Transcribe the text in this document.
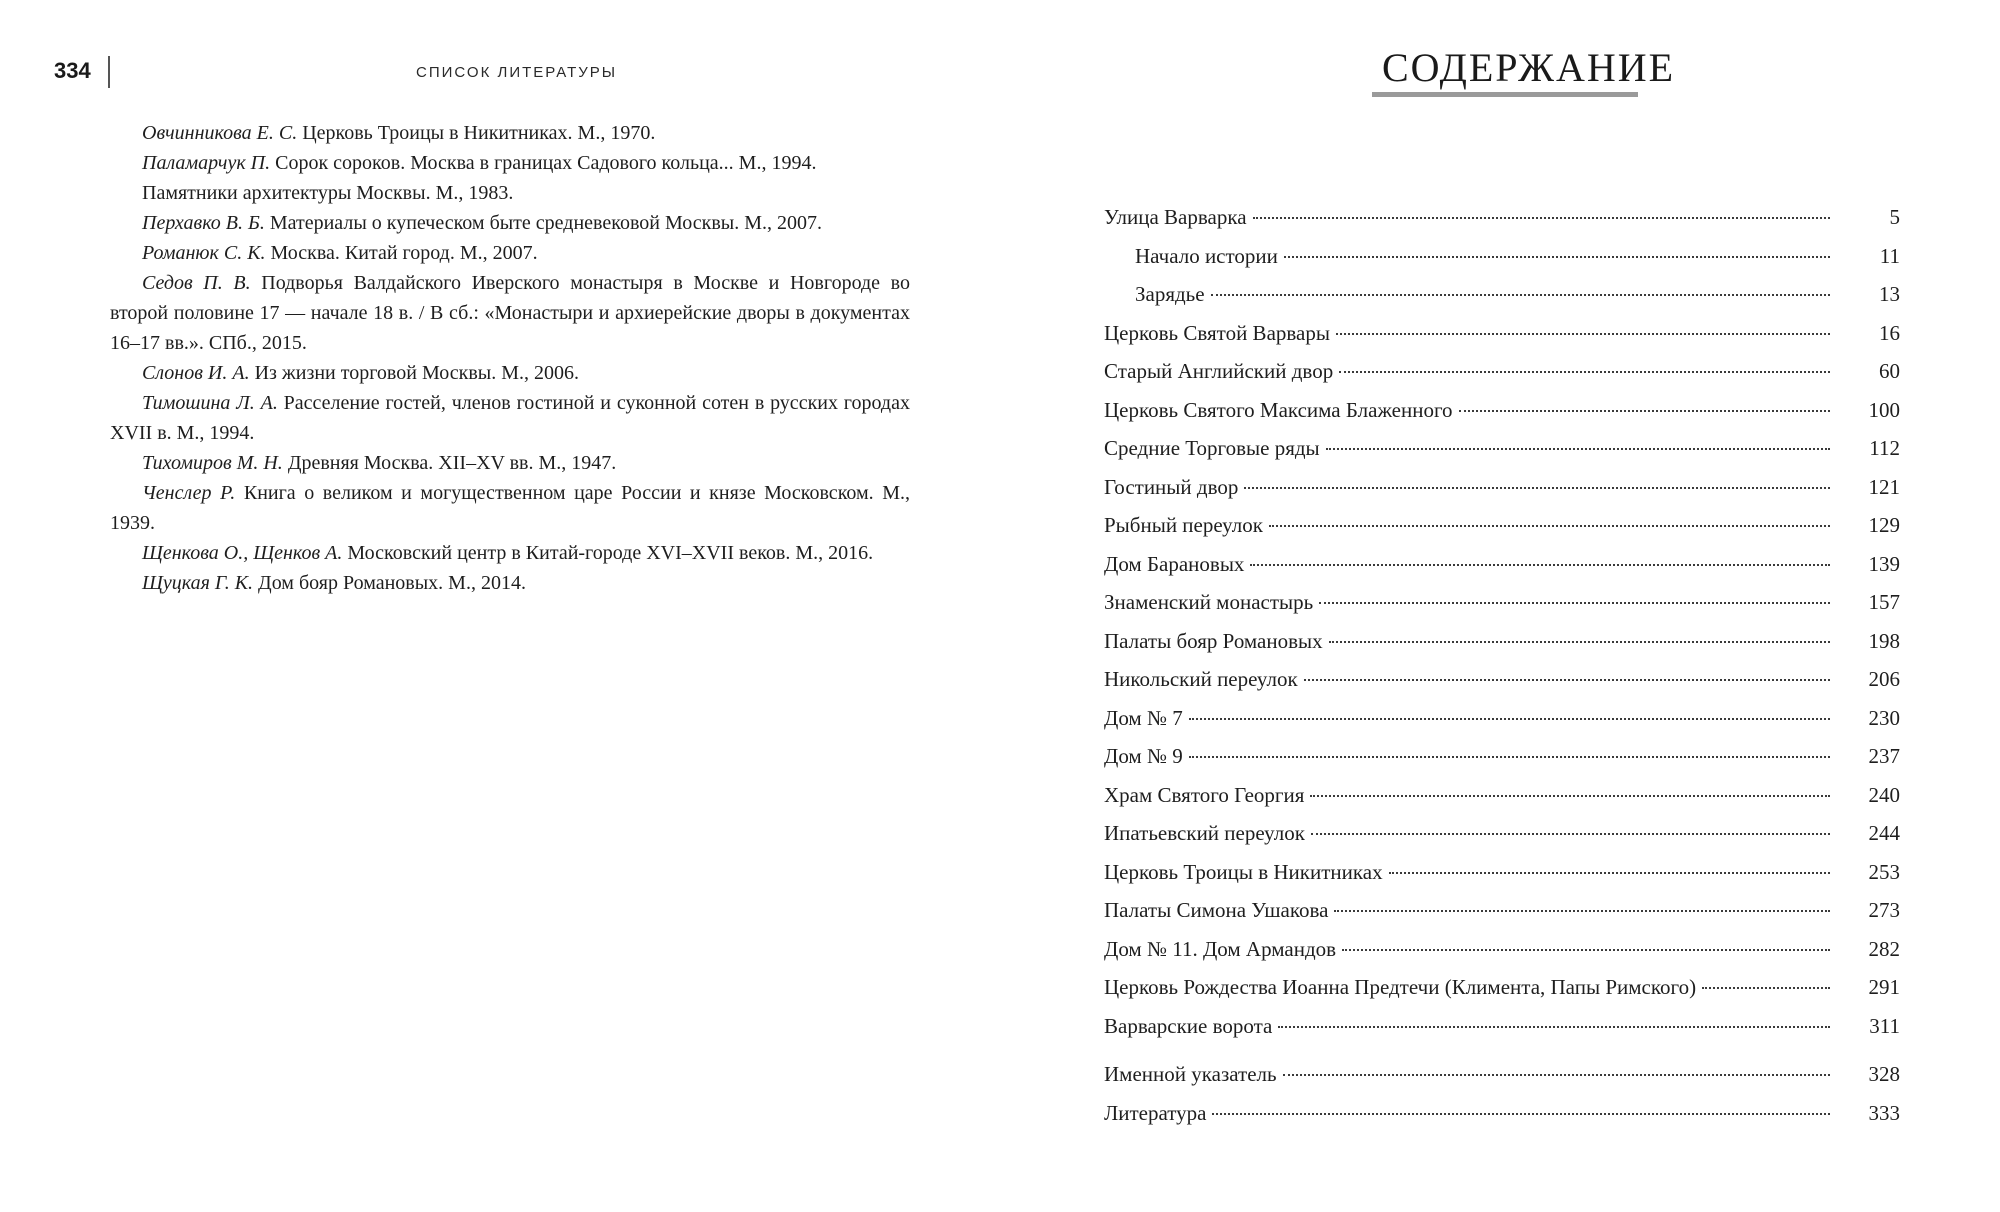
334	СПИСОК ЛИТЕРАТУРЫ

Овчинникова Е. С. Церковь Троицы в Никитниках. М., 1970.

Паламарчук П. Сорок сороков. Москва в границах Садового кольца... М., 1994.

Памятники архитектуры Москвы. М., 1983.

Перхавко В. Б. Материалы о купеческом быте средневековой Москвы. М., 2007.

Романюк С. К. Москва. Китай город. М., 2007.

Седов П. В. Подворья Валдайского Иверского монастыря в Москве и Новгороде во второй половине 17 — начале 18 в. / В сб.: «Монастыри и архиерейские дворы в документах 16–17 вв.». СПб., 2015.

Слонов И. А. Из жизни торговой Москвы. М., 2006.

Тимошина Л. А. Расселение гостей, членов гостиной и суконной сотен в русских городах XVII в. М., 1994.

Тихомиров М. Н. Древняя Москва. XII–XV вв. М., 1947.

Ченслер Р. Книга о великом и могущественном царе России и князе Московском. М., 1939.

Щенкова О., Щенков А. Московский центр в Китай-городе XVI–XVII веков. М., 2016.

Щуцкая Г. К. Дом бояр Романовых. М., 2014.

СОДЕРЖАНИЕ
Улица Варварка	5
Начало истории	11
Зарядье	13
Церковь Святой Варвары	16
Старый Английский двор	60
Церковь Святого Максима Блаженного	100
Средние Торговые ряды	112
Гостиный двор	121
Рыбный переулок	129
Дом Барановых	139
Знаменский монастырь	157
Палаты бояр Романовых	198
Никольский переулок	206
Дом № 7	230
Дом № 9	237
Храм Святого Георгия	240
Ипатьевский переулок	244
Церковь Троицы в Никитниках	253
Палаты Симона Ушакова	273
Дом № 11. Дом Армандов	282
Церковь Рождества Иоанна Предтечи (Климента, Папы Римского)	291
Варварские ворота	311
Именной указатель	328
Литература	333
